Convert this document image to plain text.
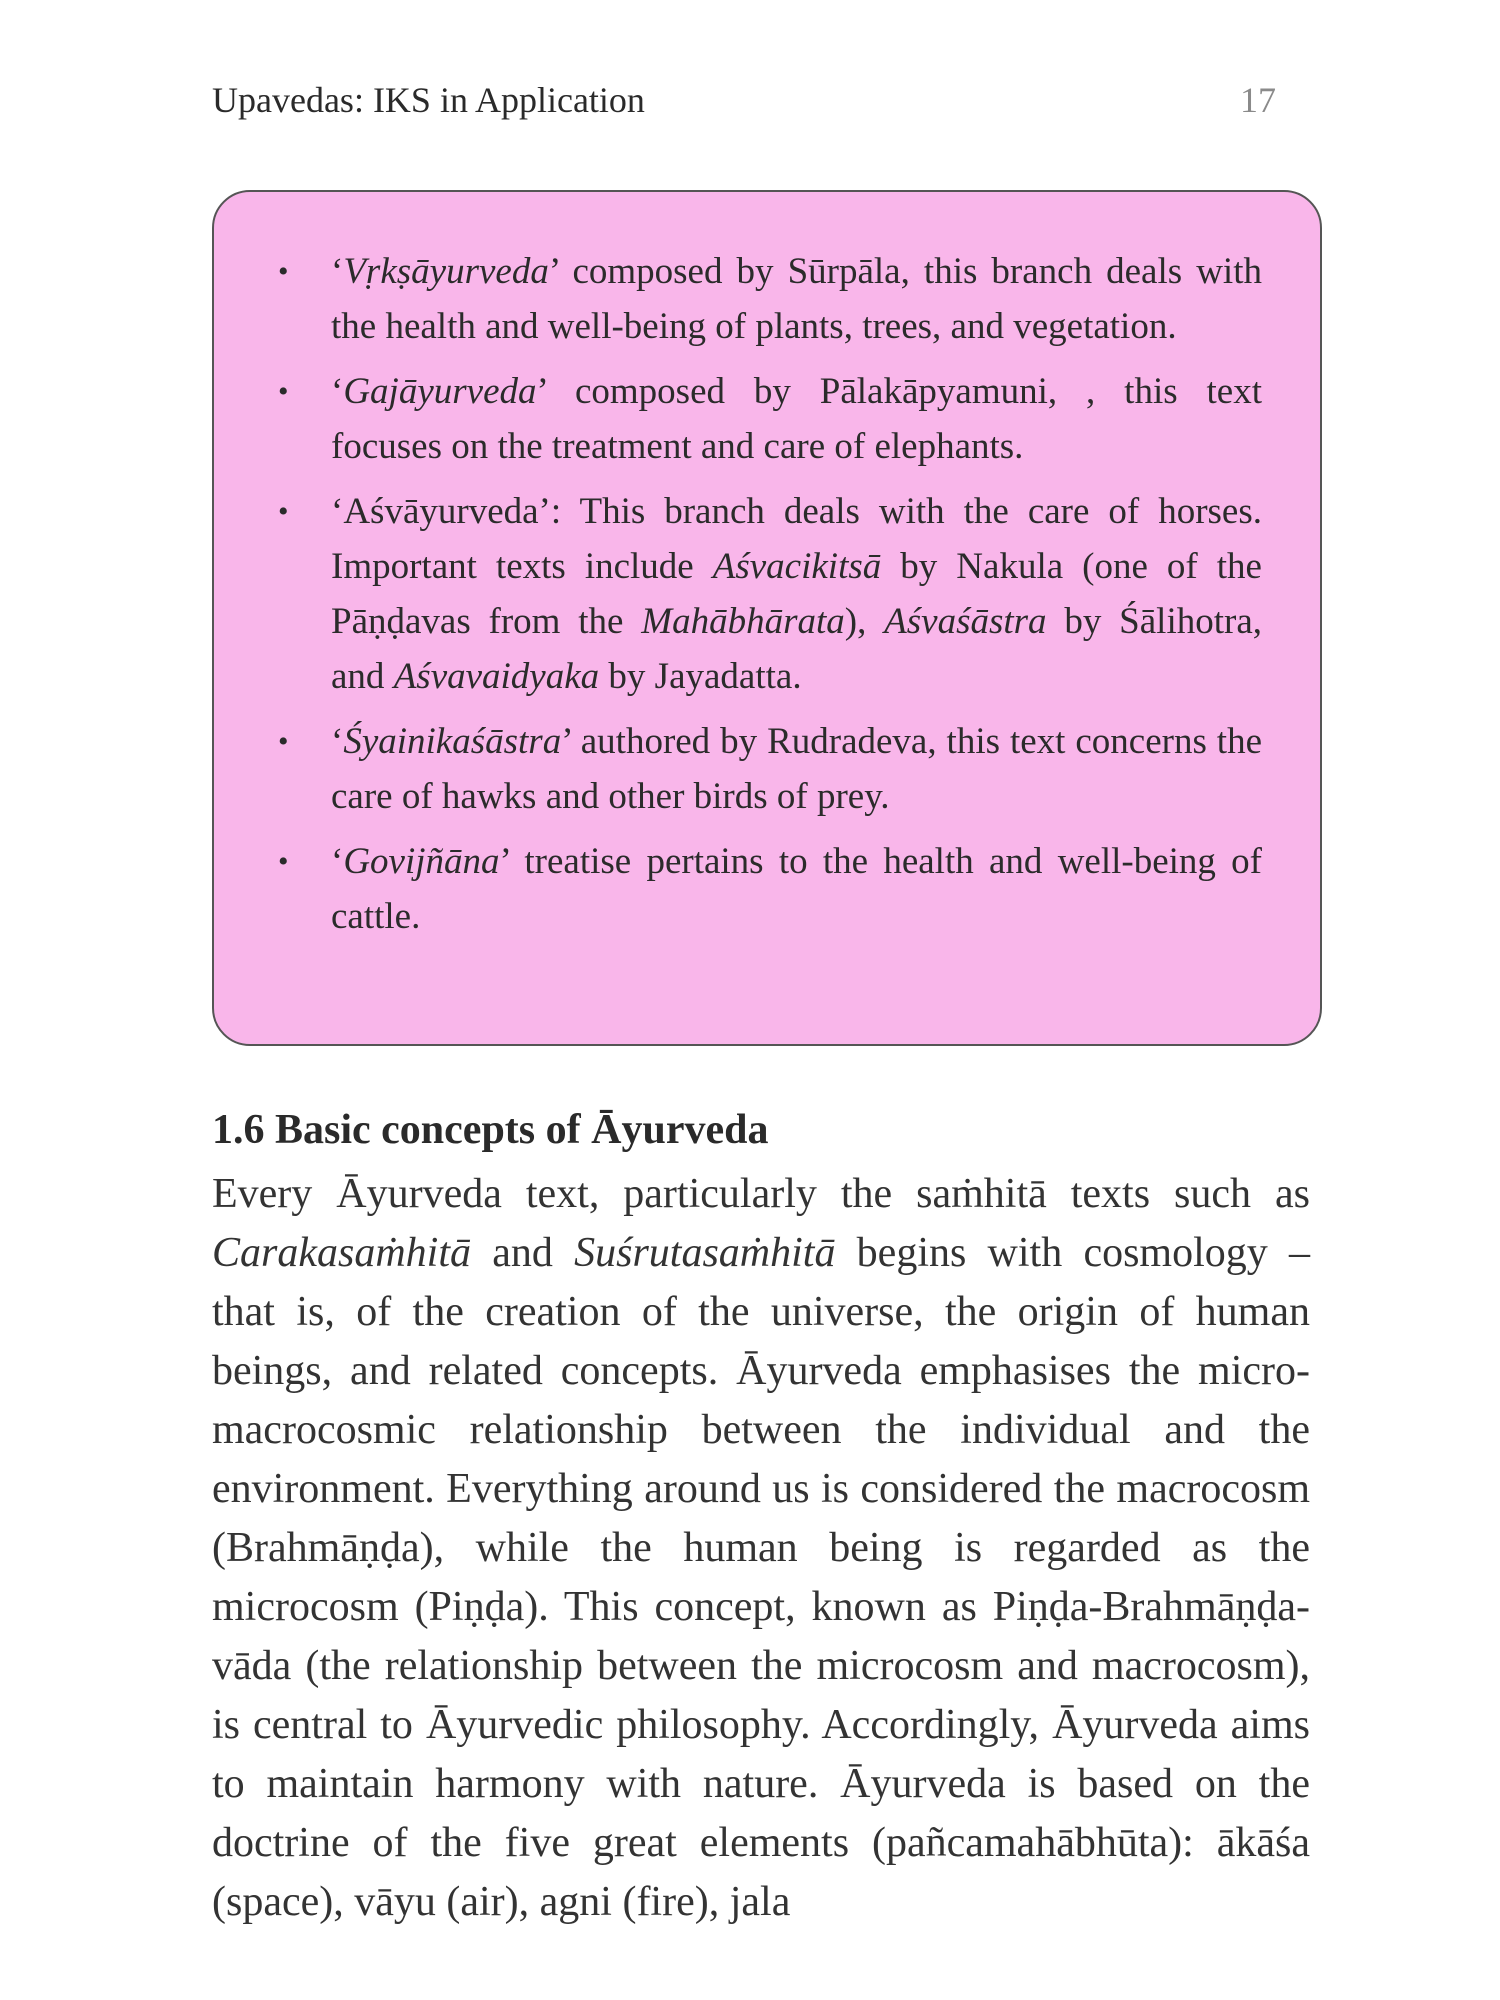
Upavedas: IKS in Application	17
• ‘Vṛkṣāyurveda’ composed by Sūrpāla, this branch deals with the health and well-being of plants, trees, and vegetation.
• ‘Gajāyurveda’ composed by Pālakāpyamuni, , this text focuses on the treatment and care of elephants.
• ‘Aśvāyurveda’: This branch deals with the care of horses. Important texts include Aśvacikitsā by Nakula (one of the Pāṇḍavas from the Mahābhārata), Aśvaśāstra by Śālihotra, and Aśvavaidyaka by Jayadatta.
• ‘Śyainikaśāstra’ authored by Rudradeva, this text concerns the care of hawks and other birds of prey.
• ‘Govijñāna’ treatise pertains to the health and well-being of cattle.
1.6 Basic concepts of Āyurveda

Every Āyurveda text, particularly the saṁhitā texts such as Carakasaṁhitā and Suśrutasaṁhitā begins with cosmology – that is, of the creation of the universe, the origin of human beings, and related concepts. Āyurveda emphasises the micro-macrocosmic relationship between the individual and the environment. Everything around us is considered the macrocosm (Brahmāṇḍa), while the human being is regarded as the microcosm (Piṇḍa). This concept, known as Piṇḍa-Brahmāṇḍa-vāda (the relationship between the microcosm and macrocosm), is central to Āyurvedic philosophy. Accordingly, Āyurveda aims to maintain harmony with nature. Āyurveda is based on the doctrine of the five great elements (pañcamahābhūta): ākāśa (space), vāyu (air), agni (fire), jala
